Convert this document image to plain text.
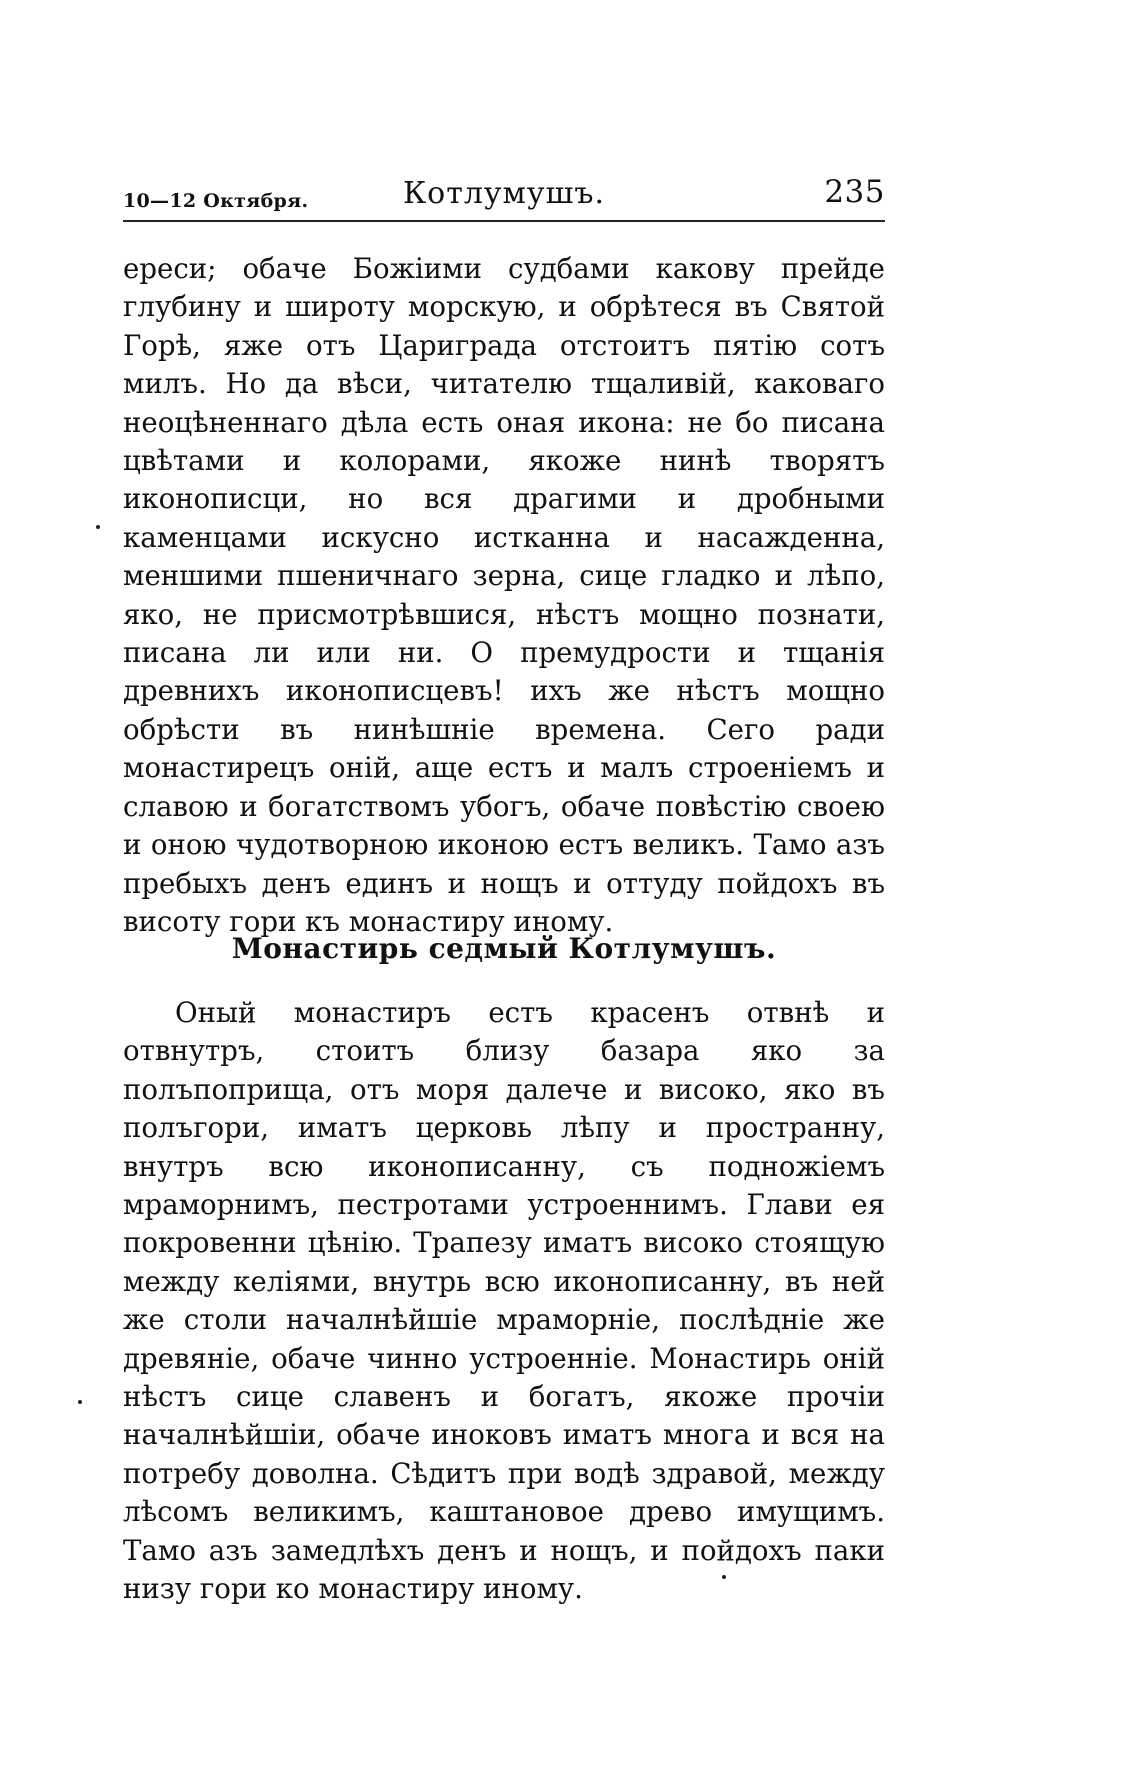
10—12 Октября.	Котлумушъ.	235

ереси; обаче Божіими судбами какову прейде глубину и широту морскую, и обрѣтеся въ Святой Горѣ, яже отъ Цариграда отстоитъ пятію сотъ милъ. Но да вѣси, читателю тщаливій, каковаго неоцѣненнаго дѣла есть оная икона: не бо писана цвѣтами и колорами, якоже нинѣ творятъ иконописци, но вся драгими и дробными каменцами искусно истканна и насажденна, меншими пшеничнаго зерна, сице гладко и лѣпо, яко, не присмотрѣвшися, нѣстъ мощно познати, писана ли или ни. О премудрости и тщанія древнихъ иконописцевъ! ихъ же нѣстъ мощно обрѣсти въ нинѣшніе времена. Сего ради монастирецъ оній, аще естъ и малъ строеніемъ и славою и богатствомъ убогъ, обаче повѣстію своею и оною чудотворною иконою естъ великъ. Тамо азъ пребыхъ денъ единъ и нощъ и оттуду пойдохъ въ висоту гори къ монастиру иному.

Монастирь седмый Котлумушъ.

Оный монастиръ естъ красенъ отвнѣ и отвнутръ, стоитъ близу базара яко за полъпоприща, отъ моря далече и високо, яко въ полъгори, иматъ церковь лѣпу и пространну, внутръ всю иконописанну, съ подножіемъ мраморнимъ, пестротами устроеннимъ. Глави ея покровенни цѣнію. Трапезу иматъ високо стоящую между келіями, внутрь всю иконописанну, въ ней же столи началнѣйшіе мраморніе, послѣдніе же древяніе, обаче чинно устроенніе. Монастирь оній нѣстъ сице славенъ и богатъ, якоже прочіи началнѣйшіи, обаче иноковъ иматъ многа и вся на потребу доволна. Сѣдитъ при водѣ здравой, между лѣсомъ великимъ, каштановое древо имущимъ. Тамо азъ замедлѣхъ денъ и нощъ, и пойдохъ паки низу гори ко монастиру иному.
